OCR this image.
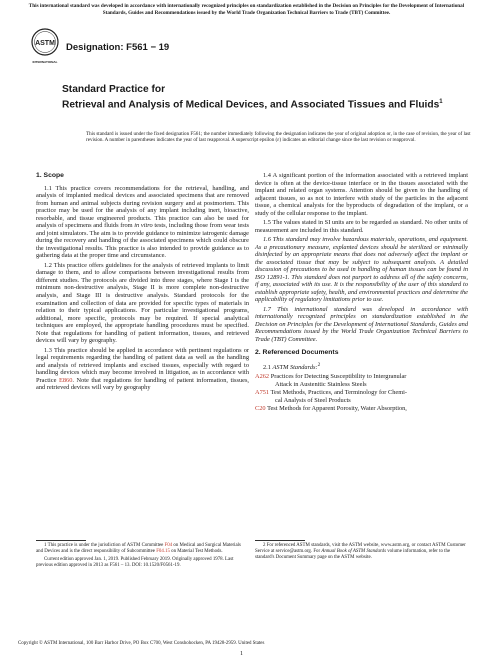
This international standard was developed in accordance with internationally recognized principles on standardization established in the Decision on Principles for the Development of International Standards, Guides and Recommendations issued by the World Trade Organization Technical Barriers to Trade (TBT) Committee.
ASTM
INTERNATIONAL
Designation: F561 − 19
Standard Practice for
Retrieval and Analysis of Medical Devices, and Associated Tissues and Fluids$^1$
This standard is issued under the fixed designation F561; the number immediately following the designation indicates the year of original adoption or, in the case of revision, the year of last revision. A number in parentheses indicates the year of last reapproval. A superscript epsilon (ε) indicates an editorial change since the last revision or reapproval.
1. Scope

1.1 This practice covers recommendations for the retrieval, handling, and analysis of implanted medical devices and associated specimens that are removed from human and animal subjects during revision surgery and at postmortem. This practice may be used for the analysis of any implant including inert, bioactive, resorbable, and tissue engineered products. This practice can also be used for analysis of specimens and fluids from in vitro tests, including those from wear tests and joint simulators. The aim is to provide guidance to minimize iatrogenic damage during the recovery and handling of the associated specimens which could obscure the investigational results. This practice is also intended to provide guidance as to gathering data at the proper time and circumstance.

1.2 This practice offers guidelines for the analysis of retrieved implants to limit damage to them, and to allow comparisons between investigational results from different studies. The protocols are divided into three stages, where Stage I is the minimum non-destructive analysis, Stage II is more complete non-destructive analysis, and Stage III is destructive analysis. Standard protocols for the examination and collection of data are provided for specific types of materials in relation to their typical applications. For particular investigational programs, additional, more specific, protocols may be required. If special analytical techniques are employed, the appropriate handling procedures must be specified. Note that regulations for handling of patient information, tissues, and retrieved devices will vary by geography.

1.3 This practice should be applied in accordance with pertinent regulations or legal requirements regarding the handling of patient data as well as the handling and analysis of retrieved implants and excised tissues, especially with regard to handling devices which may become involved in litigation, as in accordance with Practice E860. Note that regulations for handling of patient information, tissues, and retrieved devices will vary by geography

1.4 A significant portion of the information associated with a retrieved implant device is often at the device-tissue interface or in the tissues associated with the implant and related organ systems. Attention should be given to the handling of adjacent tissues, so as not to interfere with study of the particles in the adjacent tissue, a chemical analysis for the byproducts of degradation of the implant, or a study of the cellular response to the implant.

1.5 The values stated in SI units are to be regarded as standard. No other units of measurement are included in this standard.

1.6 This standard may involve hazardous materials, operations, and equipment. As a precautionary measure, explanted devices should be sterilized or minimally disinfected by an appropriate means that does not adversely affect the implant or the associated tissue that may be subject to subsequent analysis. A detailed discussion of precautions to be used in handling of human tissues can be found in ISO 12891-1. This standard does not purport to address all of the safety concerns, if any, associated with its use. It is the responsibility of the user of this standard to establish appropriate safety, health, and environmental practices and determine the applicability of regulatory limitations prior to use.

1.7 This international standard was developed in accordance with internationally recognized principles on standardization established in the Decision on Principles for the Development of International Standards, Guides and Recommendations issued by the World Trade Organization Technical Barriers to Trade (TBT) Committee.

2. Referenced Documents

2.1 ASTM Standards:$^2$

A262 Practices for Detecting Susceptibility to Intergranular
Attack in Austenitic Stainless Steels
A751 Test Methods, Practices, and Terminology for Chemi-
cal Analysis of Steel Products
C20 Test Methods for Apparent Porosity, Water Absorption,

1 This practice is under the jurisdiction of ASTM Committee F04 on Medical and Surgical Materials and Devices and is the direct responsibility of Subcommittee F04.15 on Material Test Methods.

Current edition approved Jan. 1, 2019. Published February 2019. Originally approved 1978. Last previous edition approved in 2013 as F561 – 13. DOI: 10.1520/F0561-19.

2 For referenced ASTM standards, visit the ASTM website, www.astm.org, or contact ASTM Customer Service at service@astm.org. For Annual Book of ASTM Standards volume information, refer to the standard's Document Summary page on the ASTM website.

Copyright © ASTM International, 100 Barr Harbor Drive, PO Box C700, West Conshohocken, PA 19428-2959. United States
1
